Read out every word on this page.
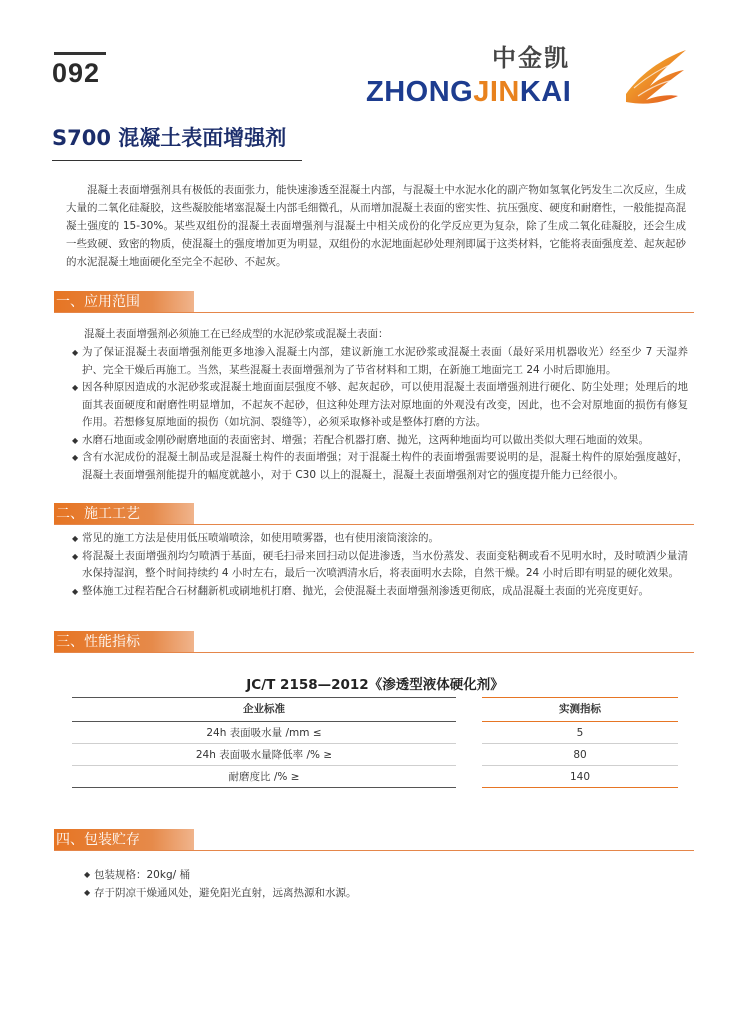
092	中金凯
ZHONGJINKAI
S700 混凝土表面增强剂
混凝土表面增强剂具有极低的表面张力，能快速渗透至混凝土内部，与混凝土中水泥水化的副产物如氢氧化钙发生二次反应，生成大量的二氧化硅凝胶，这些凝胶能堵塞混凝土内部毛细微孔，从而增加混凝土表面的密实性、抗压强度、硬度和耐磨性，一般能提高混凝土强度的 15-30%。某些双组份的混凝土表面增强剂与混凝土中相关成份的化学反应更为复杂，除了生成二氧化硅凝胶，还会生成一些致硬、致密的物质，使混凝土的强度增加更为明显，双组份的水泥地面起砂处理剂即属于这类材料，它能将表面强度差、起灰起砂的水泥混凝土地面硬化至完全不起砂、不起灰。
一、应用范围
混凝土表面增强剂必须施工在已经成型的水泥砂浆或混凝土表面：
◆ 为了保证混凝土表面增强剂能更多地渗入混凝土内部，建议新施工水泥砂浆或混凝土表面（最好采用机器收光）经至少 7 天湿养护、完全干燥后再施工。当然，某些混凝土表面增强剂为了节省材料和工期，在新施工地面完工 24 小时后即施用。
◆ 因各种原因造成的水泥砂浆或混凝土地面面层强度不够、起灰起砂，可以使用混凝土表面增强剂进行硬化、防尘处理；处理后的地面其表面硬度和耐磨性明显增加，不起灰不起砂，但这种处理方法对原地面的外观没有改变，因此，也不会对原地面的损伤有修复作用。若想修复原地面的损伤（如坑洞、裂缝等），必须采取修补或是整体打磨的方法。
◆ 水磨石地面或金刚砂耐磨地面的表面密封、增强；若配合机器打磨、抛光，这两种地面均可以做出类似大理石地面的效果。
◆ 含有水泥成份的混凝土制品或是混凝土构件的表面增强；对于混凝土构件的表面增强需要说明的是，混凝土构件的原始强度越好，混凝土表面增强剂能提升的幅度就越小，对于 C30 以上的混凝土，混凝土表面增强剂对它的强度提升能力已经很小。
二、施工工艺
◆ 常见的施工方法是使用低压喷端喷涂，如使用喷雾器，也有使用滚筒滚涂的。
◆ 将混凝土表面增强剂均匀喷洒于基面，硬毛扫帚来回扫动以促进渗透，当水份蒸发、表面变粘稠或看不见明水时，及时喷洒少量清水保持湿润，整个时间持续约 4 小时左右，最后一次喷洒清水后，将表面明水去除，自然干燥。24 小时后即有明显的硬化效果。
◆ 整体施工过程若配合石材翻新机或刷地机打磨、抛光，会使混凝土表面增强剂渗透更彻底，成品混凝土表面的光亮度更好。
三、性能指标
JC/T 2158—2012《渗透型液体硬化剂》
企业标准	实测指标
24h 表面吸水量 /mm ≤	5
24h 表面吸水量降低率 /% ≥	80
耐磨度比 /% ≥	140
四、包装贮存
◆ 包装规格：20kg/ 桶
◆ 存于阴凉干燥通风处，避免阳光直射，远离热源和水源。
